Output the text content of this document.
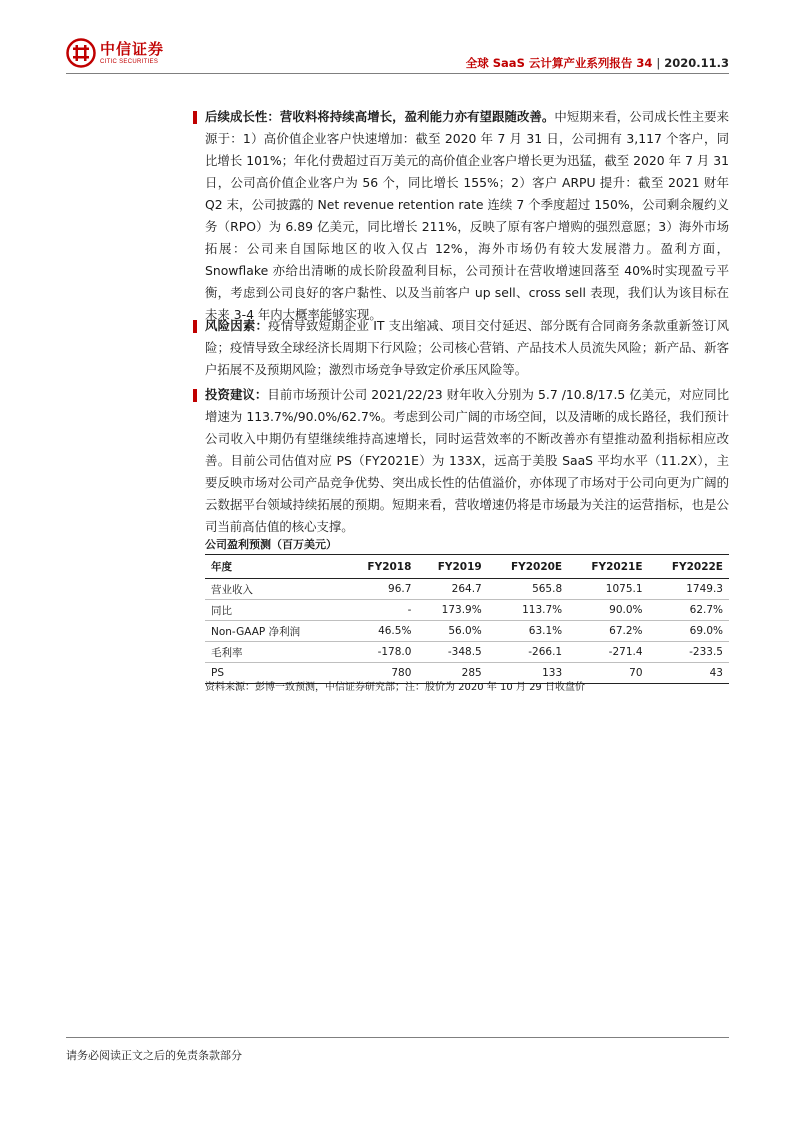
中信证券
CITIC SECURITIES	全球 SaaS 云计算产业系列报告 34 | 2020.11.3
后续成长性：营收料将持续高增长，盈利能力亦有望跟随改善。中短期来看，公司成长性主要来源于：1）高价值企业客户快速增加：截至 2020 年 7 月 31 日，公司拥有 3,117 个客户，同比增长 101%；年化付费超过百万美元的高价值企业客户增长更为迅猛，截至 2020 年 7 月 31 日，公司高价值企业客户为 56 个，同比增长 155%；2）客户 ARPU 提升：截至 2021 财年 Q2 末，公司披露的 Net revenue retention rate 连续 7 个季度超过 150%，公司剩余履约义务（RPO）为 6.89 亿美元，同比增长 211%，反映了原有客户增购的强烈意愿；3）海外市场拓展：公司来自国际地区的收入仅占 12%，海外市场仍有较大发展潜力。盈利方面，Snowflake 亦给出清晰的成长阶段盈利目标，公司预计在营收增速回落至 40%时实现盈亏平衡，考虑到公司良好的客户黏性、以及当前客户 up sell、cross sell 表现，我们认为该目标在未来 3-4 年内大概率能够实现。
风险因素：疫情导致短期企业 IT 支出缩减、项目交付延迟、部分既有合同商务条款重新签订风险；疫情导致全球经济长周期下行风险；公司核心营销、产品技术人员流失风险；新产品、新客户拓展不及预期风险；激烈市场竞争导致定价承压风险等。
投资建议：目前市场预计公司 2021/22/23 财年收入分别为 5.7 /10.8/17.5 亿美元，对应同比增速为 113.7%/90.0%/62.7%。考虑到公司广阔的市场空间，以及清晰的成长路径，我们预计公司收入中期仍有望继续维持高速增长，同时运营效率的不断改善亦有望推动盈利指标相应改善。目前公司估值对应 PS（FY2021E）为 133X，远高于美股 SaaS 平均水平（11.2X），主要反映市场对公司产品竞争优势、突出成长性的估值溢价，亦体现了市场对于公司向更为广阔的云数据平台领域持续拓展的预期。短期来看，营收增速仍将是市场最为关注的运营指标，也是公司当前高估值的核心支撑。
公司盈利预测（百万美元）
年度	FY2018	FY2019	FY2020E	FY2021E	FY2022E
营业收入	96.7	264.7	565.8	1075.1	1749.3
同比	-	173.9%	113.7%	90.0%	62.7%
Non-GAAP 净利润	46.5%	56.0%	63.1%	67.2%	69.0%
毛利率	-178.0	-348.5	-266.1	-271.4	-233.5
PS	780	285	133	70	43
资料来源：彭博一致预测，中信证券研究部；注：股价为 2020 年 10 月 29 日收盘价
请务必阅读正文之后的免责条款部分
